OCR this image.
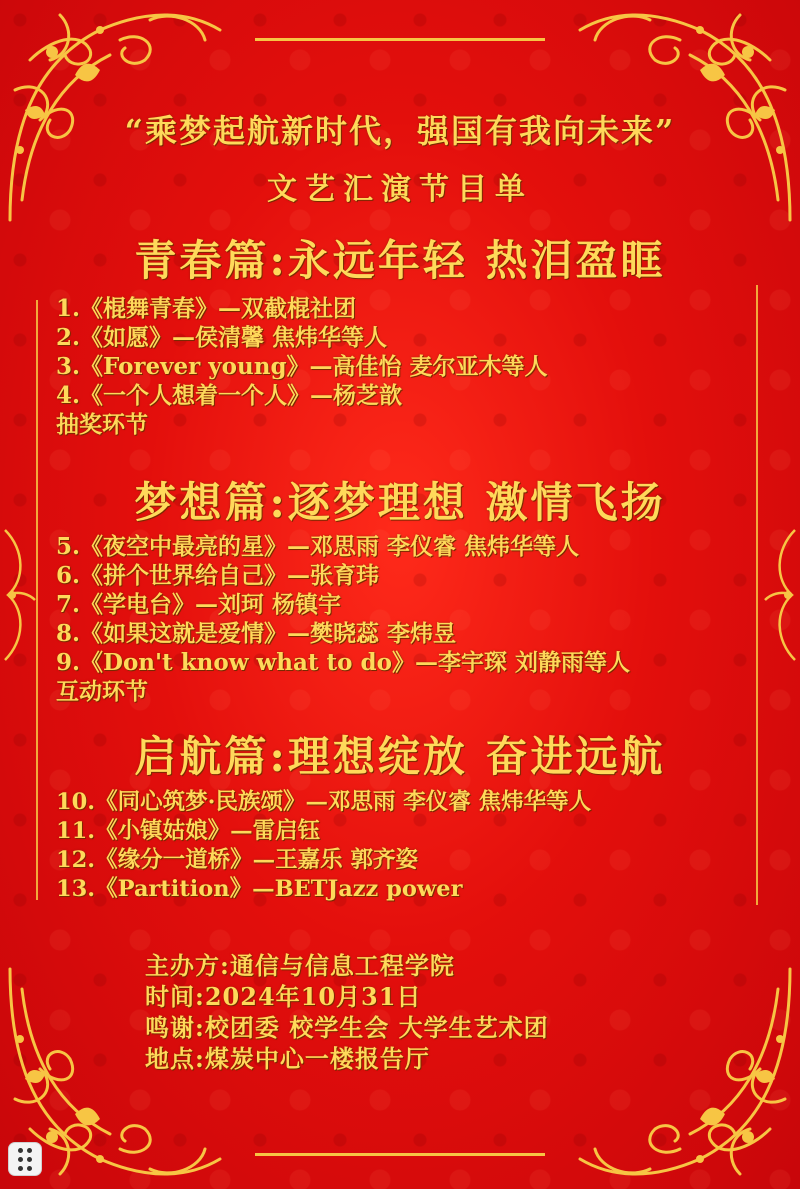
“乘梦起航新时代，强国有我向未来”
文艺汇演节目单
青春篇:永远年轻 热泪盈眶
1.《棍舞青春》—双截棍社团
2.《如愿》—侯清馨 焦炜华等人
3.《Forever young》—高佳怡 麦尔亚木等人
4.《一个人想着一个人》—杨芝歆
抽奖环节
梦想篇:逐梦理想 激情飞扬
5.《夜空中最亮的星》—邓思雨 李仪睿 焦炜华等人
6.《拼个世界给自己》—张育玮
7.《学电台》—刘珂 杨镇宇
8.《如果这就是爱情》—樊晓蕊 李炜昱
9.《Don't know what to do》—李宇琛 刘静雨等人
互动环节
启航篇:理想绽放 奋进远航
10.《同心筑梦·民族颂》—邓思雨 李仪睿 焦炜华等人
11.《小镇姑娘》—雷启钰
12.《缘分一道桥》—王嘉乐 郭齐姿
13.《Partition》—BETJazz power
主办方:通信与信息工程学院
时间:2024年10月31日
鸣谢:校团委 校学生会 大学生艺术团
地点:煤炭中心一楼报告厅
